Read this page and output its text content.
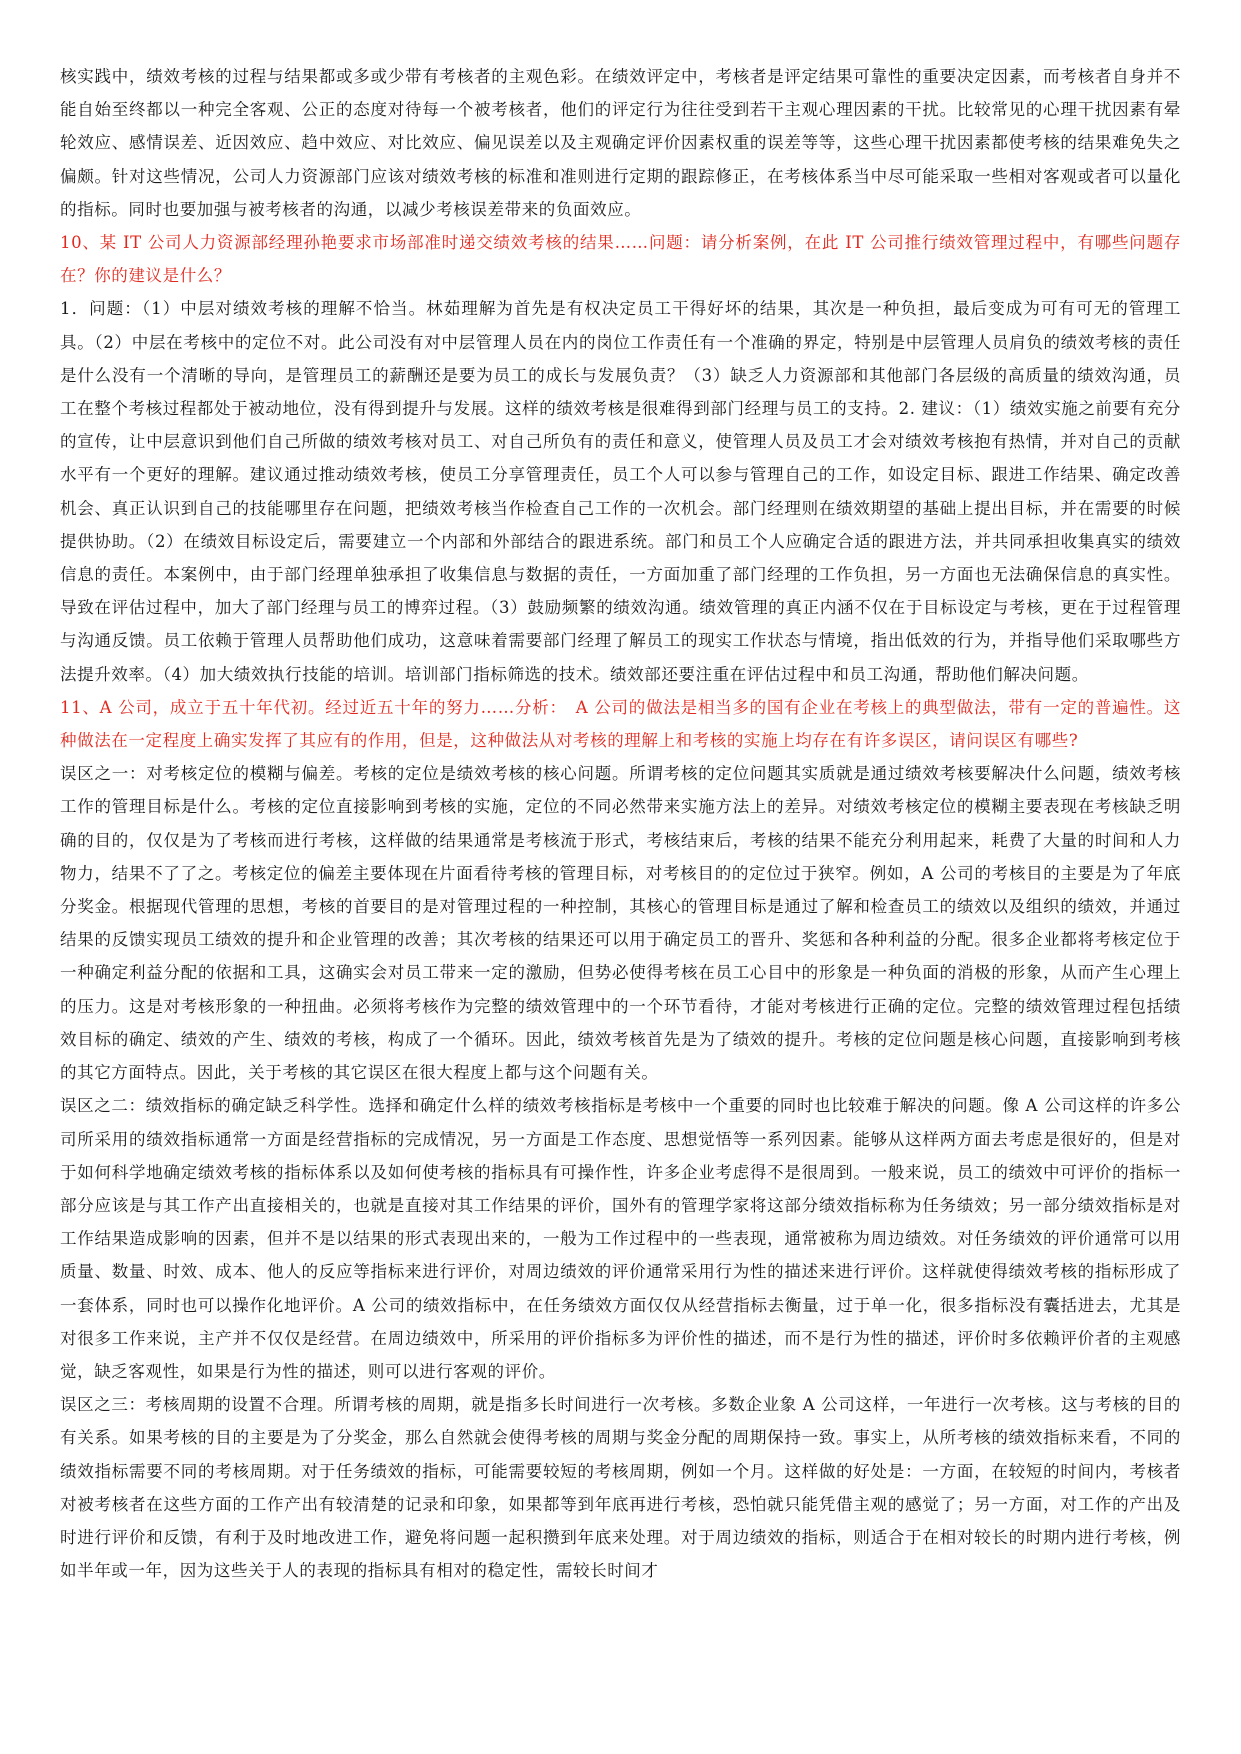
核实践中，绩效考核的过程与结果都或多或少带有考核者的主观色彩。在绩效评定中，考核者是评定结果可靠性的重要决定因素，而考核者自身并不能自始至终都以一种完全客观、公正的态度对待每一个被考核者，他们的评定行为往往受到若干主观心理因素的干扰。比较常见的心理干扰因素有晕轮效应、感情误差、近因效应、趋中效应、对比效应、偏见误差以及主观确定评价因素权重的误差等等，这些心理干扰因素都使考核的结果难免失之偏颇。针对这些情况，公司人力资源部门应该对绩效考核的标准和准则进行定期的跟踪修正，在考核体系当中尽可能采取一些相对客观或者可以量化的指标。同时也要加强与被考核者的沟通，以减少考核误差带来的负面效应。

10、某 IT 公司人力资源部经理孙艳要求市场部准时递交绩效考核的结果……问题：请分析案例，在此 IT 公司推行绩效管理过程中，有哪些问题存在？你的建议是什么？

1．问题：（1）中层对绩效考核的理解不恰当。林茹理解为首先是有权决定员工干得好坏的结果，其次是一种负担，最后变成为可有可无的管理工具。（2）中层在考核中的定位不对。此公司没有对中层管理人员在内的岗位工作责任有一个准确的界定，特别是中层管理人员肩负的绩效考核的责任是什么没有一个清晰的导向，是管理员工的薪酬还是要为员工的成长与发展负责？（3）缺乏人力资源部和其他部门各层级的高质量的绩效沟通，员工在整个考核过程都处于被动地位，没有得到提升与发展。这样的绩效考核是很难得到部门经理与员工的支持。2. 建议：（1）绩效实施之前要有充分的宣传，让中层意识到他们自己所做的绩效考核对员工、对自己所负有的责任和意义，使管理人员及员工才会对绩效考核抱有热情，并对自己的贡献水平有一个更好的理解。建议通过推动绩效考核，使员工分享管理责任，员工个人可以参与管理自己的工作，如设定目标、跟进工作结果、确定改善机会、真正认识到自己的技能哪里存在问题，把绩效考核当作检查自己工作的一次机会。部门经理则在绩效期望的基础上提出目标，并在需要的时候提供协助。（2）在绩效目标设定后，需要建立一个内部和外部结合的跟进系统。部门和员工个人应确定合适的跟进方法，并共同承担收集真实的绩效信息的责任。本案例中，由于部门经理单独承担了收集信息与数据的责任，一方面加重了部门经理的工作负担，另一方面也无法确保信息的真实性。导致在评估过程中，加大了部门经理与员工的博弈过程。（3）鼓励频繁的绩效沟通。绩效管理的真正内涵不仅在于目标设定与考核，更在于过程管理与沟通反馈。员工依赖于管理人员帮助他们成功，这意味着需要部门经理了解员工的现实工作状态与情境，指出低效的行为，并指导他们采取哪些方法提升效率。（4）加大绩效执行技能的培训。培训部门指标筛选的技术。绩效部还要注重在评估过程中和员工沟通，帮助他们解决问题。

11、A 公司，成立于五十年代初。经过近五十年的努力……分析：　A 公司的做法是相当多的国有企业在考核上的典型做法，带有一定的普遍性。这种做法在一定程度上确实发挥了其应有的作用，但是，这种做法从对考核的理解上和考核的实施上均存在有许多误区，请问误区有哪些?

误区之一：对考核定位的模糊与偏差。考核的定位是绩效考核的核心问题。所谓考核的定位问题其实质就是通过绩效考核要解决什么问题，绩效考核工作的管理目标是什么。考核的定位直接影响到考核的实施，定位的不同必然带来实施方法上的差异。对绩效考核定位的模糊主要表现在考核缺乏明确的目的，仅仅是为了考核而进行考核，这样做的结果通常是考核流于形式，考核结束后，考核的结果不能充分利用起来，耗费了大量的时间和人力物力，结果不了了之。考核定位的偏差主要体现在片面看待考核的管理目标，对考核目的的定位过于狭窄。例如，A 公司的考核目的主要是为了年底分奖金。根据现代管理的思想，考核的首要目的是对管理过程的一种控制，其核心的管理目标是通过了解和检查员工的绩效以及组织的绩效，并通过结果的反馈实现员工绩效的提升和企业管理的改善；其次考核的结果还可以用于确定员工的晋升、奖惩和各种利益的分配。很多企业都将考核定位于一种确定利益分配的依据和工具，这确实会对员工带来一定的激励，但势必使得考核在员工心目中的形象是一种负面的消极的形象，从而产生心理上的压力。这是对考核形象的一种扭曲。必须将考核作为完整的绩效管理中的一个环节看待，才能对考核进行正确的定位。完整的绩效管理过程包括绩效目标的确定、绩效的产生、绩效的考核，构成了一个循环。因此，绩效考核首先是为了绩效的提升。考核的定位问题是核心问题，直接影响到考核的其它方面特点。因此，关于考核的其它误区在很大程度上都与这个问题有关。

误区之二：绩效指标的确定缺乏科学性。选择和确定什么样的绩效考核指标是考核中一个重要的同时也比较难于解决的问题。像 A 公司这样的许多公司所采用的绩效指标通常一方面是经营指标的完成情况，另一方面是工作态度、思想觉悟等一系列因素。能够从这样两方面去考虑是很好的，但是对于如何科学地确定绩效考核的指标体系以及如何使考核的指标具有可操作性，许多企业考虑得不是很周到。一般来说，员工的绩效中可评价的指标一部分应该是与其工作产出直接相关的，也就是直接对其工作结果的评价，国外有的管理学家将这部分绩效指标称为任务绩效；另一部分绩效指标是对工作结果造成影响的因素，但并不是以结果的形式表现出来的，一般为工作过程中的一些表现，通常被称为周边绩效。对任务绩效的评价通常可以用质量、数量、时效、成本、他人的反应等指标来进行评价，对周边绩效的评价通常采用行为性的描述来进行评价。这样就使得绩效考核的指标形成了一套体系，同时也可以操作化地评价。A 公司的绩效指标中，在任务绩效方面仅仅从经营指标去衡量，过于单一化，很多指标没有囊括进去，尤其是对很多工作来说，主产并不仅仅是经营。在周边绩效中，所采用的评价指标多为评价性的描述，而不是行为性的描述，评价时多依赖评价者的主观感觉，缺乏客观性，如果是行为性的描述，则可以进行客观的评价。

误区之三：考核周期的设置不合理。所谓考核的周期，就是指多长时间进行一次考核。多数企业象 A 公司这样，一年进行一次考核。这与考核的目的有关系。如果考核的目的主要是为了分奖金，那么自然就会使得考核的周期与奖金分配的周期保持一致。事实上，从所考核的绩效指标来看，不同的绩效指标需要不同的考核周期。对于任务绩效的指标，可能需要较短的考核周期，例如一个月。这样做的好处是：一方面，在较短的时间内，考核者对被考核者在这些方面的工作产出有较清楚的记录和印象，如果都等到年底再进行考核，恐怕就只能凭借主观的感觉了；另一方面，对工作的产出及时进行评价和反馈，有利于及时地改进工作，避免将问题一起积攒到年底来处理。对于周边绩效的指标，则适合于在相对较长的时期内进行考核，例如半年或一年，因为这些关于人的表现的指标具有相对的稳定性，需较长时间才
